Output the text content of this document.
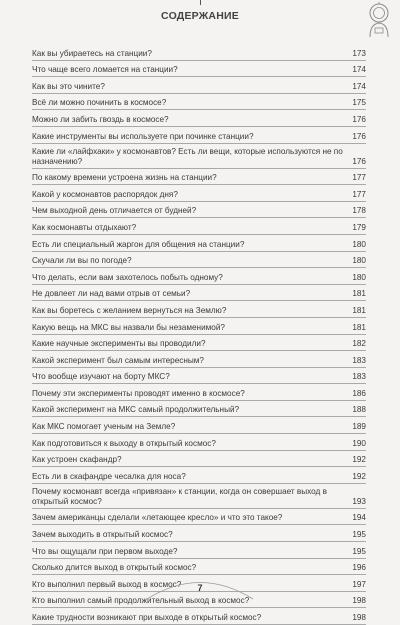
СОДЕРЖАНИЕ
Как вы убираетесь на станции?	173
Что чаще всего ломается на станции?	174
Как вы это чините?	174
Всё ли можно починить в космосе?	175
Можно ли забить гвоздь в космосе?	176
Какие инструменты вы используете при починке станции?	176
Какие ли «лайфхаки» у космонавтов? Есть ли вещи, которые используются не по назначению?	176
По какому времени устроена жизнь на станции?	177
Какой у космонавтов распорядок дня?	177
Чем выходной день отличается от будней?	178
Как космонавты отдыхают?	179
Есть ли специальный жаргон для общения на станции?	180
Скучали ли вы по погоде?	180
Что делать, если вам захотелось побыть одному?	180
Не довлеет ли над вами отрыв от семьи?	181
Как вы боретесь с желанием вернуться на Землю?	181
Какую вещь на МКС вы назвали бы незаменимой?	181
Какие научные эксперименты вы проводили?	182
Какой эксперимент был самым интересным?	183
Что вообще изучают на борту МКС?	183
Почему эти эксперименты проводят именно в космосе?	186
Какой эксперимент на МКС самый продолжительный?	188
Как МКС помогает ученым на Земле?	189
Как подготовиться к выходу в открытый космос?	190
Как устроен скафандр?	192
Есть ли в скафандре чесалка для носа?	192
Почему космонавт всегда «привязан» к станции, когда он совершает выход в открытый космос?	193
Зачем американцы сделали «летающее кресло» и что это такое?	194
Зачем выходить в открытый космос?	195
Что вы ощущали при первом выходе?	195
Сколько длится выход в открытый космос?	196
Кто выполнил первый выход в космос?	197
Кто выполнил самый продолжительный выход в космос?	198
Какие трудности возникают при выходе в открытый космос?	198
7
